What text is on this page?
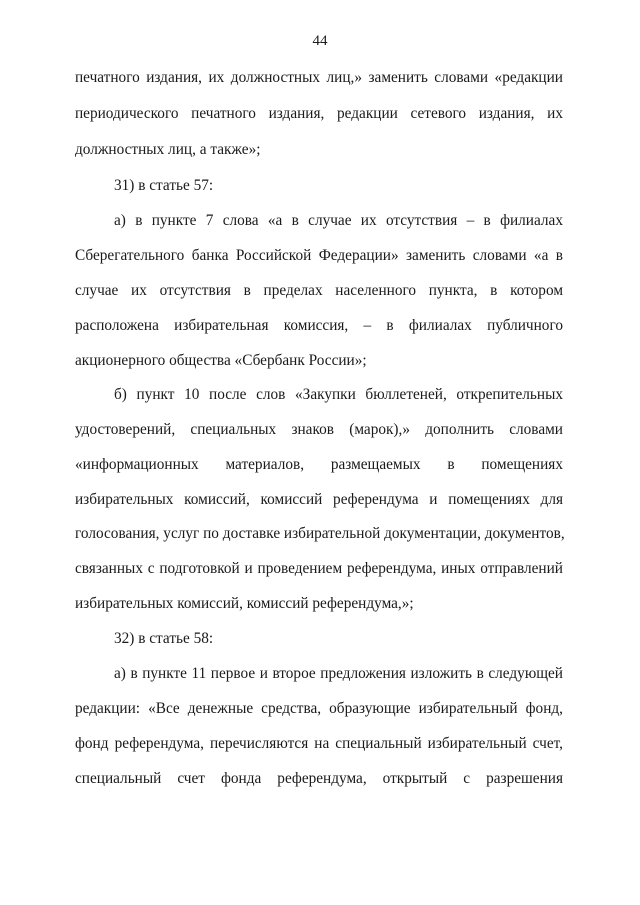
44
печатного издания, их должностных лиц,» заменить словами «редакции
периодического печатного издания, редакции сетевого издания, их
должностных лиц, а также»;
31) в статье 57:
а) в пункте 7 слова «а в случае их отсутствия – в филиалах
Сберегательного банка Российской Федерации» заменить словами «а в
случае их отсутствия в пределах населенного пункта, в котором
расположена избирательная комиссия, – в филиалах публичного
акционерного общества «Сбербанк России»;
б) пункт 10 после слов «Закупки бюллетеней, открепительных
удостоверений, специальных знаков (марок),» дополнить словами
«информационных материалов, размещаемых в помещениях
избирательных комиссий, комиссий референдума и помещениях для
голосования, услуг по доставке избирательной документации, документов,
связанных с подготовкой и проведением референдума, иных отправлений
избирательных комиссий, комиссий референдума,»;
32) в статье 58:
а) в пункте 11 первое и второе предложения изложить в следующей
редакции: «Все денежные средства, образующие избирательный фонд,
фонд референдума, перечисляются на специальный избирательный счет,
специальный счет фонда референдума, открытый с разрешения
